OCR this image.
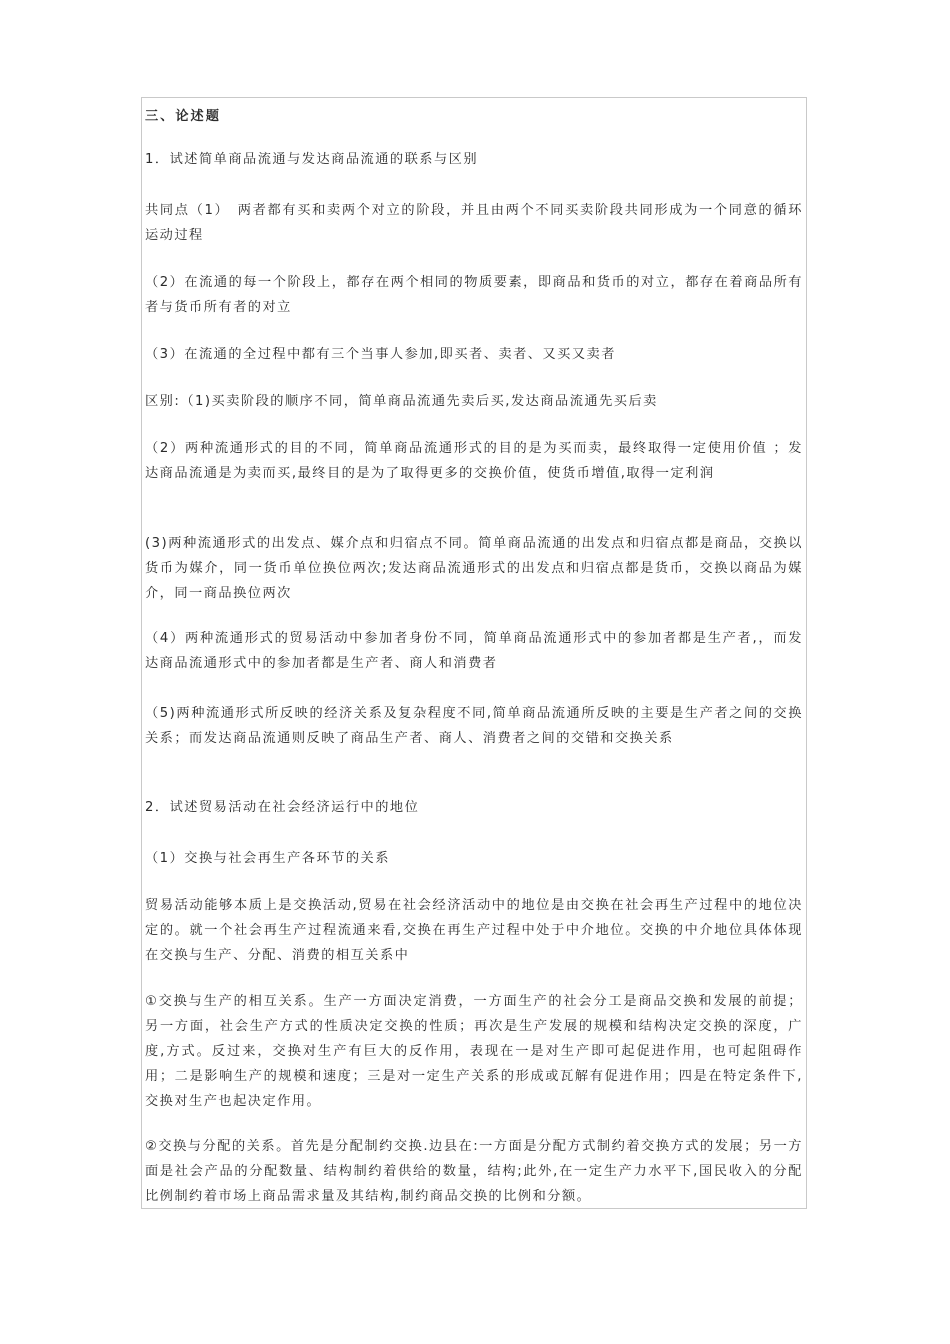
三、论述题

1．试述简单商品流通与发达商品流通的联系与区别

共同点（1）　两者都有买和卖两个对立的阶段，并且由两个不同买卖阶段共同形成为一个同意的循环运动过程

（2）在流通的每一个阶段上，都存在两个相同的物质要素，即商品和货币的对立，都存在着商品所有者与货币所有者的对立

（3）在流通的全过程中都有三个当事人参加,即买者、卖者、又买又卖者

区别:（1)买卖阶段的顺序不同，简单商品流通先卖后买,发达商品流通先买后卖

（2）两种流通形式的目的不同，简单商品流通形式的目的是为买而卖，最终取得一定使用价值 ；发达商品流通是为卖而买,最终目的是为了取得更多的交换价值，使货币增值,取得一定利润

(3)两种流通形式的出发点、媒介点和归宿点不同。简单商品流通的出发点和归宿点都是商品，交换以货币为媒介，同一货币单位换位两次;发达商品流通形式的出发点和归宿点都是货币，交换以商品为媒介，同一商品换位两次

（4）两种流通形式的贸易活动中参加者身份不同，简单商品流通形式中的参加者都是生产者,，而发达商品流通形式中的参加者都是生产者、商人和消费者

（5)两种流通形式所反映的经济关系及复杂程度不同,简单商品流通所反映的主要是生产者之间的交换关系；而发达商品流通则反映了商品生产者、商人、消费者之间的交错和交换关系

2．试述贸易活动在社会经济运行中的地位

（1）交换与社会再生产各环节的关系

贸易活动能够本质上是交换活动,贸易在社会经济活动中的地位是由交换在社会再生产过程中的地位决定的。就一个社会再生产过程流通来看,交换在再生产过程中处于中介地位。交换的中介地位具体体现在交换与生产、分配、消费的相互关系中

①交换与生产的相互关系。生产一方面决定消费，一方面生产的社会分工是商品交换和发展的前提；另一方面，社会生产方式的性质决定交换的性质；再次是生产发展的规模和结构决定交换的深度，广度,方式。反过来，交换对生产有巨大的反作用，表现在一是对生产即可起促进作用，也可起阻碍作用；二是影响生产的规模和速度；三是对一定生产关系的形成或瓦解有促进作用；四是在特定条件下,交换对生产也起决定作用。

②交换与分配的关系。首先是分配制约交换.边县在:一方面是分配方式制约着交换方式的发展；另一方面是社会产品的分配数量、结构制约着供给的数量，结构;此外,在一定生产力水平下,国民收入的分配比例制约着市场上商品需求量及其结构,制约商品交换的比例和分额。
